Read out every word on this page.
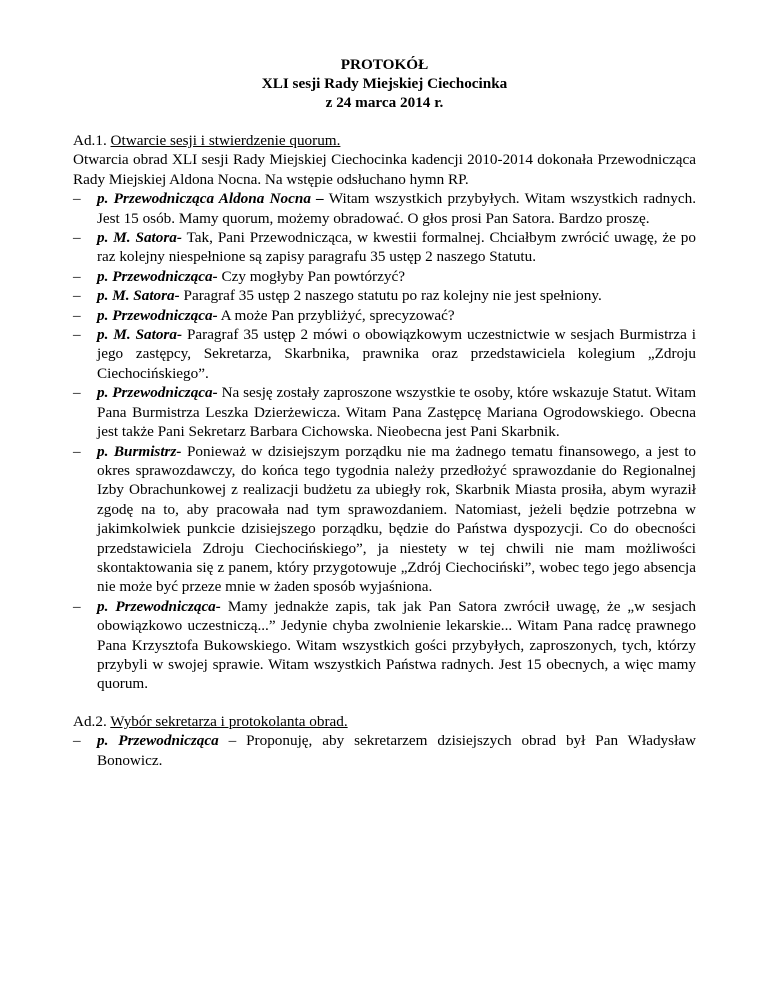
PROTOKÓŁ
XLI sesji Rady Miejskiej Ciechocinka
z 24 marca 2014 r.
Ad.1. Otwarcie sesji i stwierdzenie quorum.
Otwarcia obrad XLI sesji Rady Miejskiej Ciechocinka kadencji 2010-2014 dokonała Przewodnicząca Rady Miejskiej Aldona Nocna. Na wstępie odsłuchano hymn RP.
– p. Przewodnicząca Aldona Nocna – Witam wszystkich przybyłych. Witam wszystkich radnych. Jest 15 osób. Mamy quorum, możemy obradować. O głos prosi Pan Satora. Bardzo proszę.
– p. M. Satora- Tak, Pani Przewodnicząca, w kwestii formalnej. Chciałbym zwrócić uwagę, że po raz kolejny niespełnione są zapisy paragrafu 35 ustęp 2 naszego Statutu.
– p. Przewodnicząca- Czy mogłyby Pan powtórzyć?
– p. M. Satora- Paragraf 35 ustęp 2 naszego statutu po raz kolejny nie jest spełniony.
– p. Przewodnicząca- A może Pan przybliżyć, sprecyzować?
– p. M. Satora- Paragraf 35 ustęp 2 mówi o obowiązkowym uczestnictwie w sesjach Burmistrza i jego zastępcy, Sekretarza, Skarbnika, prawnika oraz przedstawiciela kolegium „Zdroju Ciechocińskiego”.
– p. Przewodnicząca- Na sesję zostały zaproszone wszystkie te osoby, które wskazuje Statut. Witam Pana Burmistrza Leszka Dzierżewicza. Witam Pana Zastępcę Mariana Ogrodowskiego. Obecna jest także Pani Sekretarz Barbara Cichowska. Nieobecna jest Pani Skarbnik.
– p. Burmistrz- Ponieważ w dzisiejszym porządku nie ma żadnego tematu finansowego, a jest to okres sprawozdawczy, do końca tego tygodnia należy przedłożyć sprawozdanie do Regionalnej Izby Obrachunkowej z realizacji budżetu za ubiegły rok, Skarbnik Miasta prosiła, abym wyraził zgodę na to, aby pracowała nad tym sprawozdaniem. Natomiast, jeżeli będzie potrzebna w jakimkolwiek punkcie dzisiejszego porządku, będzie do Państwa dyspozycji. Co do obecności przedstawiciela Zdroju Ciechocińskiego”, ja niestety w tej chwili nie mam możliwości skontaktowania się z panem, który przygotowuje „Zdrój Ciechociński”, wobec tego jego absencja nie może być przeze mnie w żaden sposób wyjaśniona.
– p. Przewodnicząca- Mamy jednakże zapis, tak jak Pan Satora zwrócił uwagę, że „w sesjach obowiązkowo uczestniczą...” Jedynie chyba zwolnienie lekarskie... Witam Pana radcę prawnego Pana Krzysztofa Bukowskiego. Witam wszystkich gości przybyłych, zaproszonych, tych, którzy przybyli w swojej sprawie. Witam wszystkich Państwa radnych. Jest 15 obecnych, a więc mamy quorum.
Ad.2. Wybór sekretarza i protokolanta obrad.
– p. Przewodnicząca – Proponuję, aby sekretarzem dzisiejszych obrad był Pan Władysław Bonowicz.
